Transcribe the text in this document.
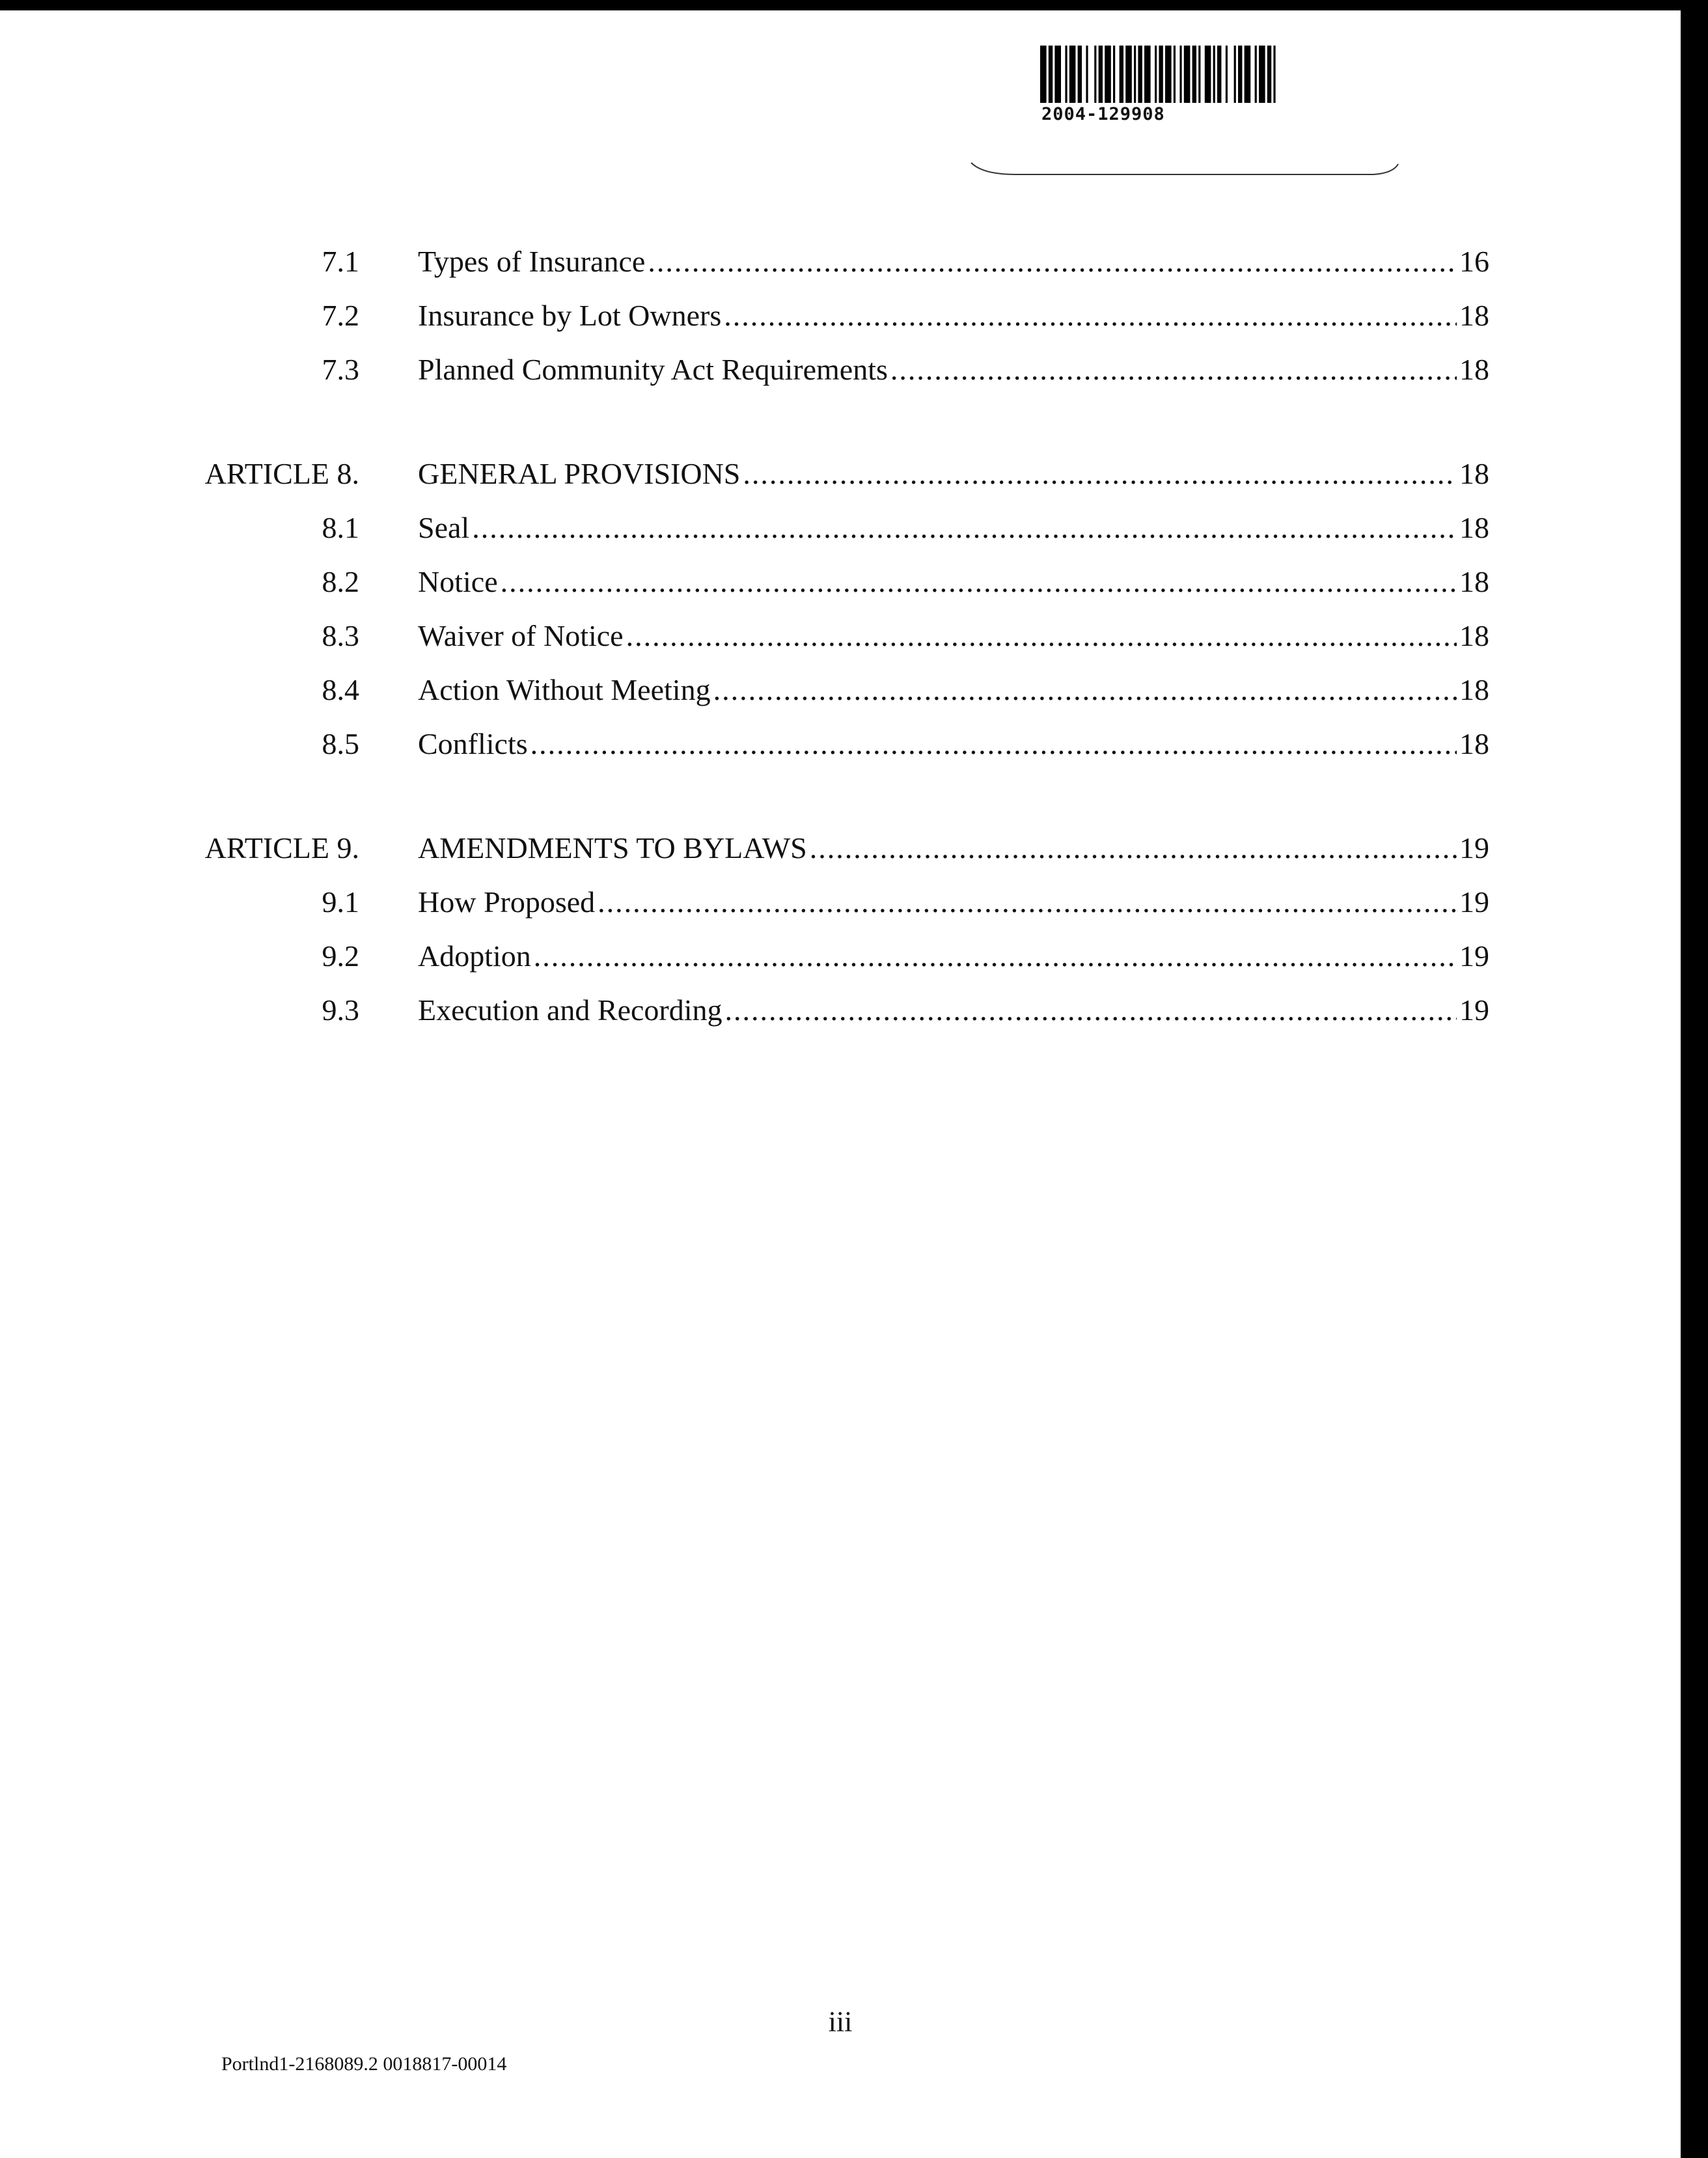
2004-129908
7.1 Types of Insurance .....	16
7.2 Insurance by Lot Owners .....	18
7.3 Planned Community Act Requirements .....	18
ARTICLE 8. GENERAL PROVISIONS .....	18
8.1 Seal .....	18
8.2 Notice .....	18
8.3 Waiver of Notice .....	18
8.4 Action Without Meeting .....	18
8.5 Conflicts .....	18
ARTICLE 9. AMENDMENTS TO BYLAWS .....	19
9.1 How Proposed .....	19
9.2 Adoption .....	19
9.3 Execution and Recording .....	19
iii
Portlnd1-2168089.2 0018817-00014
